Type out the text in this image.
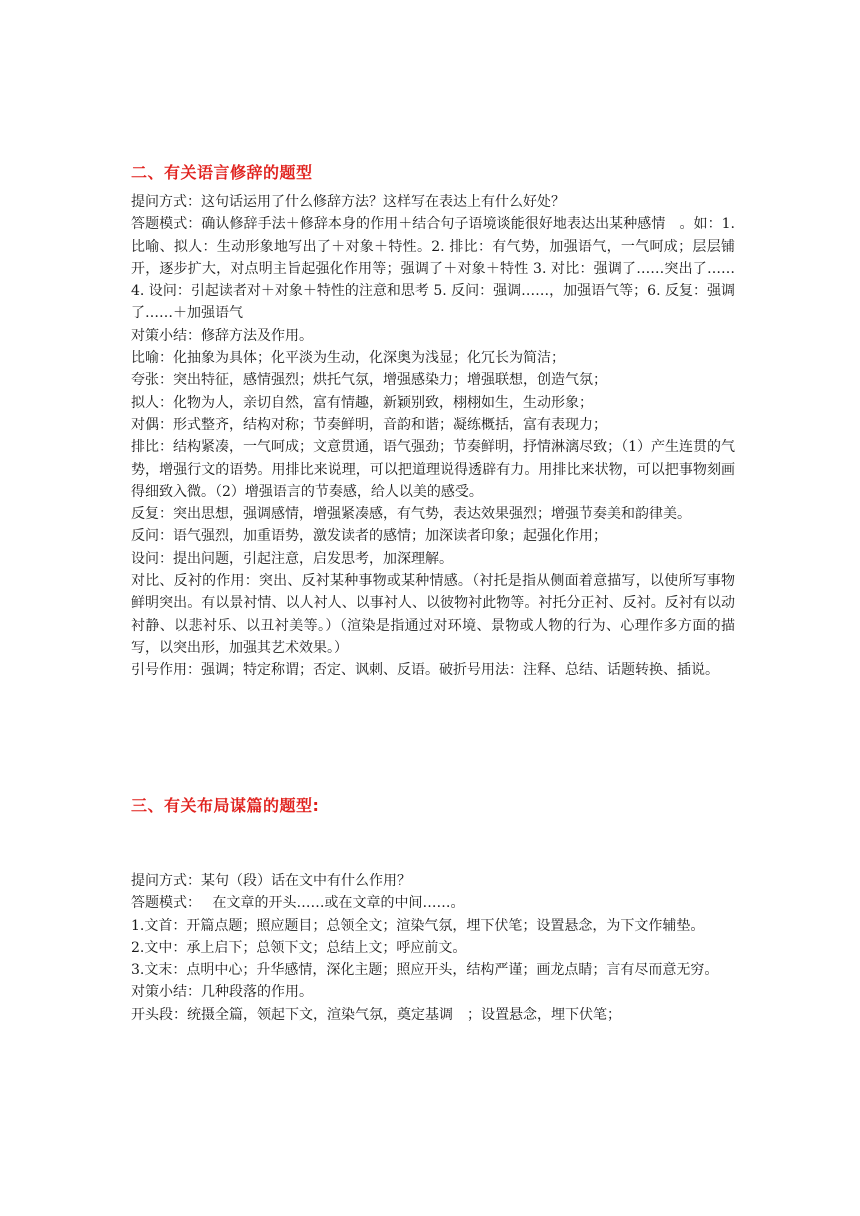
二、有关语言修辞的题型

提问方式：这句话运用了什么修辞方法？这样写在表达上有什么好处？

答题模式：确认修辞手法＋修辞本身的作用＋结合句子语境谈能很好地表达出某种感情　。如：1. 比喻、拟人：生动形象地写出了＋对象＋特性。2. 排比：有气势，加强语气，一气呵成；层层铺开，逐步扩大，对点明主旨起强化作用等；强调了＋对象＋特性 3. 对比：强调了……突出了……4. 设问：引起读者对＋对象＋特性的注意和思考 5. 反问：强调……，加强语气等；6. 反复：强调了……＋加强语气

对策小结：修辞方法及作用。

比喻：化抽象为具体；化平淡为生动，化深奥为浅显；化冗长为简洁；

夸张：突出特征，感情强烈；烘托气氛，增强感染力；增强联想，创造气氛；

拟人：化物为人，亲切自然，富有情趣，新颖别致，栩栩如生，生动形象；

对偶：形式整齐，结构对称；节奏鲜明，音韵和谐；凝练概括，富有表现力；

排比：结构紧凑，一气呵成；文意贯通，语气强劲；节奏鲜明，抒情淋漓尽致；（1）产生连贯的气势，增强行文的语势。用排比来说理，可以把道理说得透辟有力。用排比来状物，可以把事物刻画得细致入微。（2）增强语言的节奏感，给人以美的感受。

反复：突出思想，强调感情，增强紧凑感，有气势，表达效果强烈；增强节奏美和韵律美。

反问：语气强烈，加重语势，激发读者的感情；加深读者印象；起强化作用；

设问：提出问题，引起注意，启发思考，加深理解。

对比、反衬的作用：突出、反衬某种事物或某种情感。（衬托是指从侧面着意描写，以使所写事物鲜明突出。有以景衬情、以人衬人、以事衬人、以彼物衬此物等。衬托分正衬、反衬。反衬有以动衬静、以悲衬乐、以丑衬美等。）（渲染是指通过对环境、景物或人物的行为、心理作多方面的描写，以突出形，加强其艺术效果。）

引号作用：强调；特定称谓；否定、讽刺、反语。破折号用法：注释、总结、话题转换、插说。

三、有关布局谋篇的题型:

提问方式：某句（段）话在文中有什么作用？

答题模式：　 在文章的开头……或在文章的中间……。

1.文首：开篇点题；照应题目；总领全文；渲染气氛，埋下伏笔；设置悬念，为下文作辅垫。

2.文中：承上启下；总领下文；总结上文；呼应前文。

3.文末：点明中心；升华感情，深化主题；照应开头，结构严谨；画龙点睛；言有尽而意无穷。

对策小结：几种段落的作用。

开头段：统摄全篇，领起下文，渲染气氛，奠定基调　；设置悬念，埋下伏笔；
